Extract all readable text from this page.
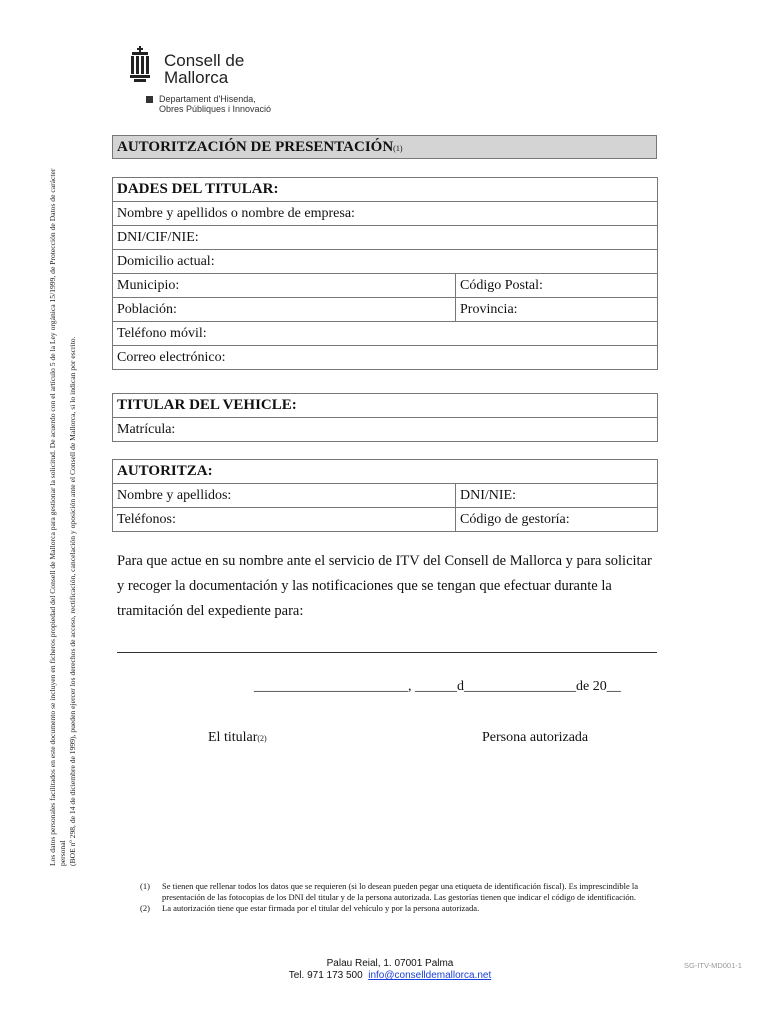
Consell de
Mallorca
Departament d'Hisenda,
Obres Públiques i Innovació
AUTORITZACIÓN DE PRESENTACIÓN(1)
DADES DEL TITULAR:	
Nombre y apellidos o nombre de empresa:	
DNI/CIF/NIE:	
Domicilio actual:	
Municipio:	Código Postal:
Población:	Provincia:
Teléfono móvil:	
Correo electrónico:	
TITULAR DEL VEHICLE:
Matrícula:
AUTORITZA:	
Nombre y apellidos:	DNI/NIE:
Teléfonos:	Código de gestoría:
Para que actue en su nombre ante el servicio de ITV del Consell de Mallorca y para solicitar y recoger la documentación y las notificaciones que se tengan que efectuar durante la tramitación del expediente para:
______________________, ______d________________de 20__
El titular(2)	Persona autorizada
Los datos personales facilitados en este documento se incluyen en ficheros propiedad del Consell de Mallorca para gestionar la solicitud. De acuerdo con el artículo 5 de la Ley orgánica 15/1999, de Protección de Datos de carácter personal (BOE nº 298, de 14 de diciembre de 1999), pueden ejercer los derechos de acceso, rectificación, cancelación y oposición ante el Consell de Mallorca, si lo indican por escrito.
(1) Se tienen que rellenar todos los datos que se requieren (si lo desean pueden pegar una etiqueta de identificación fiscal). Es imprescindible la presentación de las fotocopias de los DNI del titular y de la persona autorizada. Las gestorías tienen que indicar el código de identificación.
(2) La autorización tiene que estar firmada por el titular del vehículo y por la persona autorizada.
Palau Reial, 1. 07001 Palma
Tel. 971 173 500 info@conselldemallorca.net
SG-ITV-MD001-1
